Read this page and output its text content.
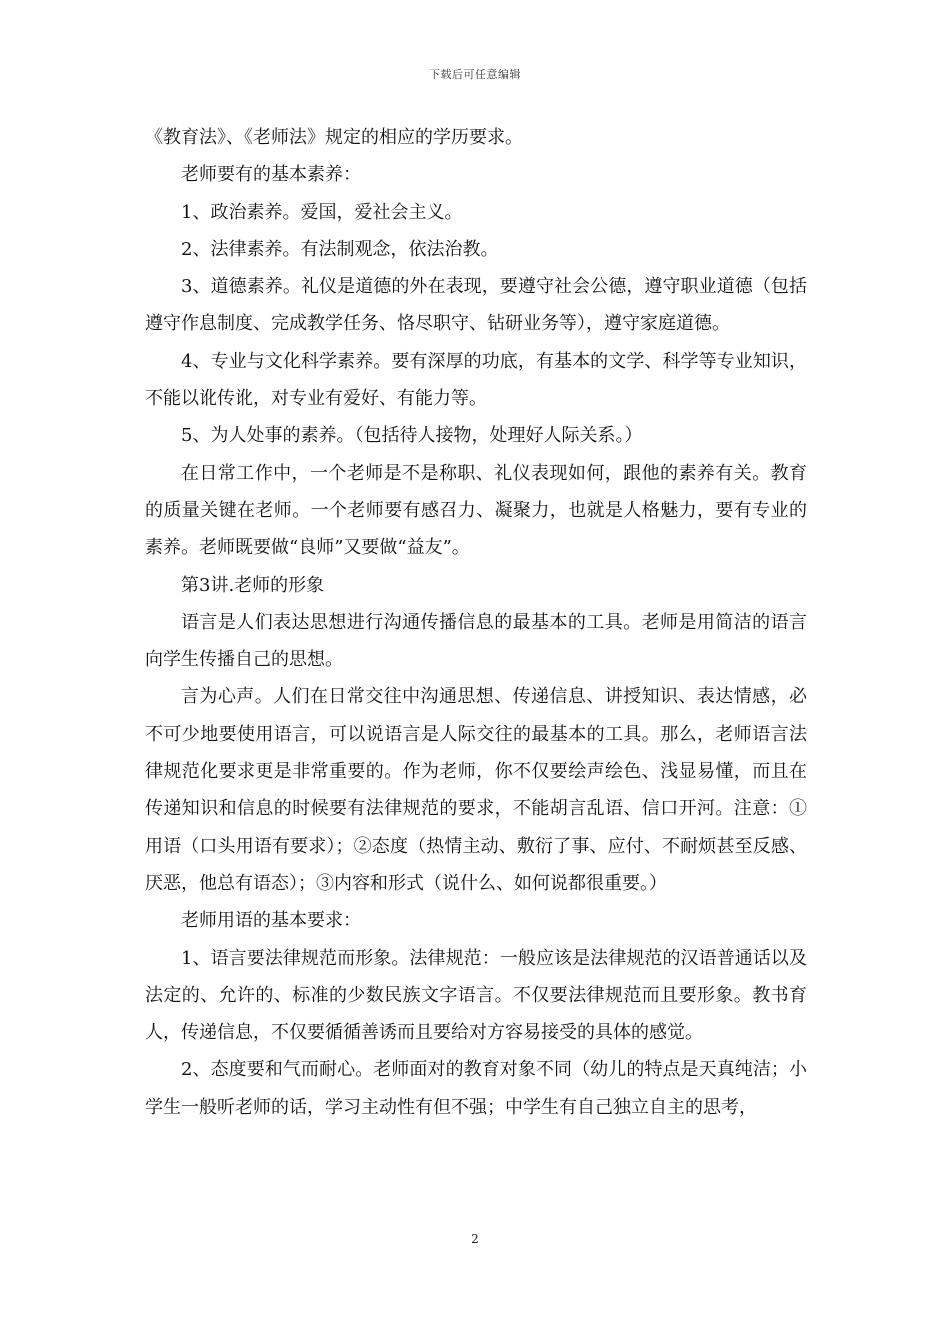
下载后可任意编辑

《教育法》、《老师法》规定的相应的学历要求。

老师要有的基本素养：

1、政治素养。爱国，爱社会主义。

2、法律素养。有法制观念，依法治教。

3、道德素养。礼仪是道德的外在表现，要遵守社会公德，遵守职业道德（包括遵守作息制度、完成教学任务、恪尽职守、钻研业务等），遵守家庭道德。

4、专业与文化科学素养。要有深厚的功底，有基本的文学、科学等专业知识，不能以讹传讹，对专业有爱好、有能力等。

5、为人处事的素养。（包括待人接物，处理好人际关系。）

在日常工作中，一个老师是不是称职、礼仪表现如何，跟他的素养有关。教育的质量关键在老师。一个老师要有感召力、凝聚力，也就是人格魅力，要有专业的素养。老师既要做“良师”又要做“益友”。

第3讲.老师的形象

语言是人们表达思想进行沟通传播信息的最基本的工具。老师是用简洁的语言向学生传播自己的思想。

言为心声。人们在日常交往中沟通思想、传递信息、讲授知识、表达情感，必不可少地要使用语言，可以说语言是人际交往的最基本的工具。那么，老师语言法律规范化要求更是非常重要的。作为老师，你不仅要绘声绘色、浅显易懂，而且在传递知识和信息的时候要有法律规范的要求，不能胡言乱语、信口开河。注意：①用语（口头用语有要求）；②态度（热情主动、敷衍了事、应付、不耐烦甚至反感、厌恶，他总有语态）；③内容和形式（说什么、如何说都很重要。）

老师用语的基本要求：

1、语言要法律规范而形象。法律规范：一般应该是法律规范的汉语普通话以及法定的、允许的、标准的少数民族文字语言。不仅要法律规范而且要形象。教书育人，传递信息，不仅要循循善诱而且要给对方容易接受的具体的感觉。

2、态度要和气而耐心。老师面对的教育对象不同（幼儿的特点是天真纯洁；小学生一般听老师的话，学习主动性有但不强；中学生有自己独立自主的思考，

2
